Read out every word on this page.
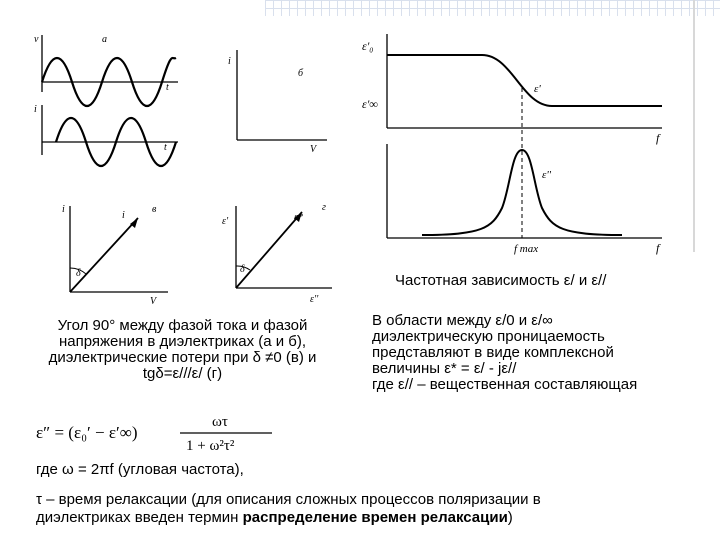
v
i
t
t
а
i
V
б
i
i
δ
V
в
ε'	ε*
δ
ε''
г
ε'₀
ε'∞
ε'
ε''
f
f
f max
Частотная зависимость ε/ и ε//
Угол 90° между фазой тока и фазой
напряжения в диэлектриках (а и б),
диэлектрические потери при δ ≠0 (в) и
tgδ=ε///ε/ (г)
В области между ε/0 и ε/∞
диэлектрическую проницаемость
представляют в виде комплексной
величины ε* = ε/ - jε//
где ε// – вещественная составляющая
ε″ = (ε₀′ − ε′∞)
ωτ
1 + ω²τ²
где ω = 2πf (угловая частота),
τ – время релаксации (для описания сложных процессов поляризации в
диэлектриках введен термин распределение времен релаксации)
